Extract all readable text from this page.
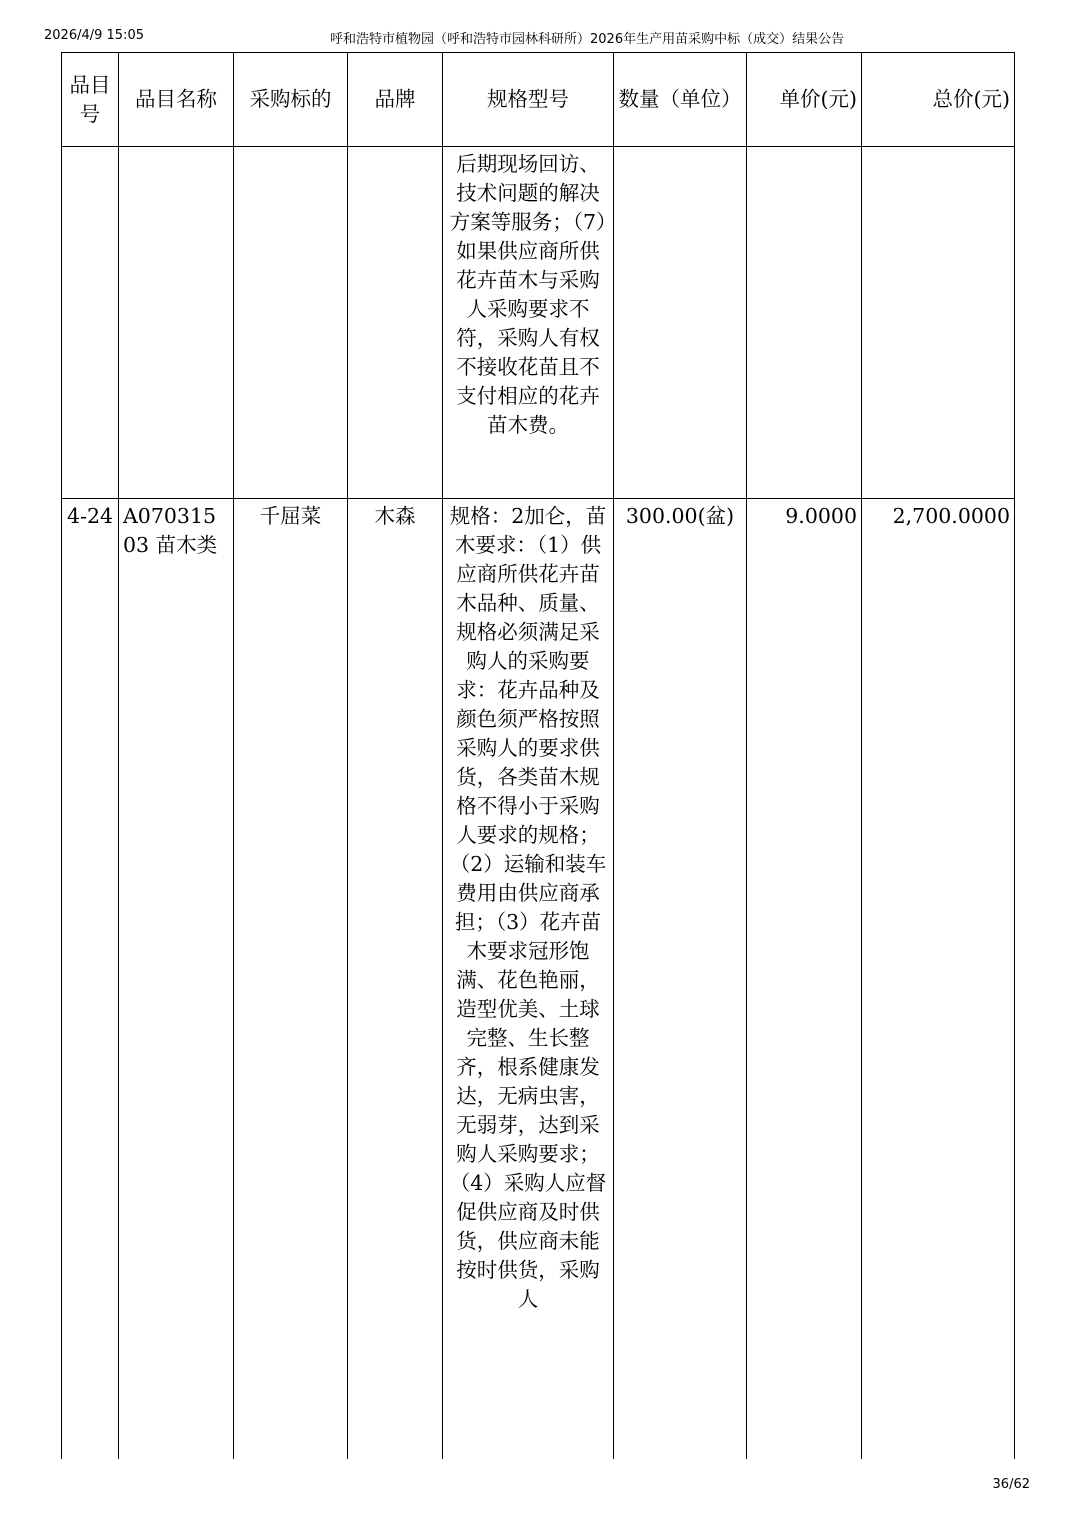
2026/4/9 15:05	呼和浩特市植物园（呼和浩特市园林科研所）2026年生产用苗采购中标（成交）结果公告
品目号	品目名称	采购标的	品牌	规格型号	数量（单位）	单价(元)	总价(元)
				后期现场回访、技术问题的解决方案等服务；（7）如果供应商所供花卉苗木与采购人采购要求不符，采购人有权不接收花苗且不支付相应的花卉苗木费。			
4-24	A07031503 苗木类	千屈菜	木森	规格：2加仑，苗木要求：（1）供应商所供花卉苗木品种、质量、规格必须满足采购人的采购要求：花卉品种及颜色须严格按照采购人的要求供货，各类苗木规格不得小于采购人要求的规格；（2）运输和装车费用由供应商承担；（3）花卉苗木要求冠形饱满、花色艳丽，造型优美、土球完整、生长整齐，根系健康发达，无病虫害，无弱芽，达到采购人采购要求；（4）采购人应督促供应商及时供货，供应商未能按时供货，采购人	300.00(盆)	9.0000	2,700.0000
36/62
